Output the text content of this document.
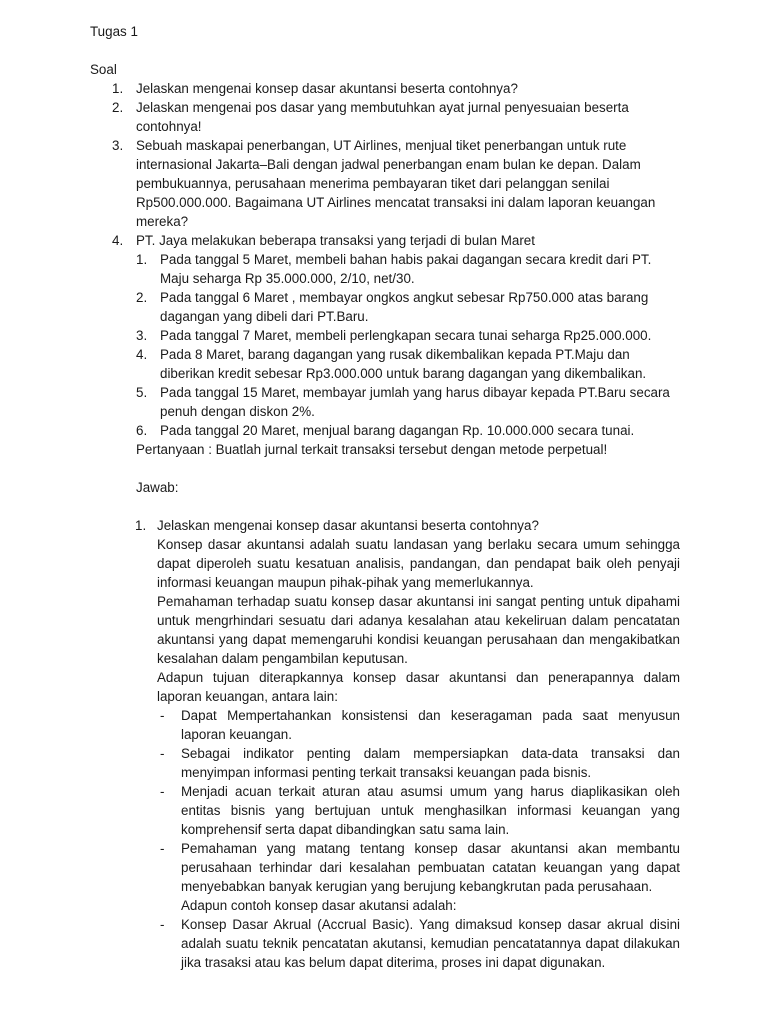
Tugas 1

Soal

1. Jelaskan mengenai konsep dasar akuntansi beserta contohnya?
2. Jelaskan mengenai pos dasar yang membutuhkan ayat jurnal penyesuaian beserta contohnya!
3. Sebuah maskapai penerbangan, UT Airlines, menjual tiket penerbangan untuk rute internasional Jakarta–Bali dengan jadwal penerbangan enam bulan ke depan. Dalam pembukuannya, perusahaan menerima pembayaran tiket dari pelanggan senilai Rp500.000.000. Bagaimana UT Airlines mencatat transaksi ini dalam laporan keuangan mereka?
4. PT. Jaya melakukan beberapa transaksi yang terjadi di bulan Maret
1. Pada tanggal 5 Maret, membeli bahan habis pakai dagangan secara kredit dari PT. Maju seharga Rp 35.000.000, 2/10, net/30.
2. Pada tanggal 6 Maret , membayar ongkos angkut sebesar Rp750.000 atas barang dagangan yang dibeli dari PT.Baru.
3. Pada tanggal 7 Maret, membeli perlengkapan secara tunai seharga Rp25.000.000.
4. Pada 8 Maret, barang dagangan yang rusak dikembalikan kepada PT.Maju dan diberikan kredit sebesar Rp3.000.000 untuk barang dagangan yang dikembalikan.
5. Pada tanggal 15 Maret, membayar jumlah yang harus dibayar kepada PT.Baru secara penuh dengan diskon 2%.
6. Pada tanggal 20 Maret, menjual barang dagangan Rp. 10.000.000 secara tunai.

Pertanyaan : Buatlah jurnal terkait transaksi tersebut dengan metode perpetual!

Jawab:

1. Jelaskan mengenai konsep dasar akuntansi beserta contohnya?

Konsep dasar akuntansi adalah suatu landasan yang berlaku secara umum sehingga dapat diperoleh suatu kesatuan analisis, pandangan, dan pendapat baik oleh penyaji informasi keuangan maupun pihak-pihak yang memerlukannya.

Pemahaman terhadap suatu konsep dasar akuntansi ini sangat penting untuk dipahami untuk mengrhindari sesuatu dari adanya kesalahan atau kekeliruan dalam pencatatan akuntansi yang dapat memengaruhi kondisi keuangan perusahaan dan mengakibatkan kesalahan dalam pengambilan keputusan.

Adapun tujuan diterapkannya konsep dasar akuntansi dan penerapannya dalam laporan keuangan, antara lain:

- Dapat Mempertahankan konsistensi dan keseragaman pada saat menyusun laporan keuangan.
- Sebagai indikator penting dalam mempersiapkan data-data transaksi dan menyimpan informasi penting terkait transaksi keuangan pada bisnis.
- Menjadi acuan terkait aturan atau asumsi umum yang harus diaplikasikan oleh entitas bisnis yang bertujuan untuk menghasilkan informasi keuangan yang komprehensif serta dapat dibandingkan satu sama lain.
- Pemahaman yang matang tentang konsep dasar akuntansi akan membantu perusahaan terhindar dari kesalahan pembuatan catatan keuangan yang dapat menyebabkan banyak kerugian yang berujung kebangkrutan pada perusahaan.

Adapun contoh konsep dasar akutansi adalah:

- Konsep Dasar Akrual (Accrual Basic). Yang dimaksud konsep dasar akrual disini adalah suatu teknik pencatatan akutansi, kemudian pencatatannya dapat dilakukan jika trasaksi atau kas belum dapat diterima, proses ini dapat digunakan.
